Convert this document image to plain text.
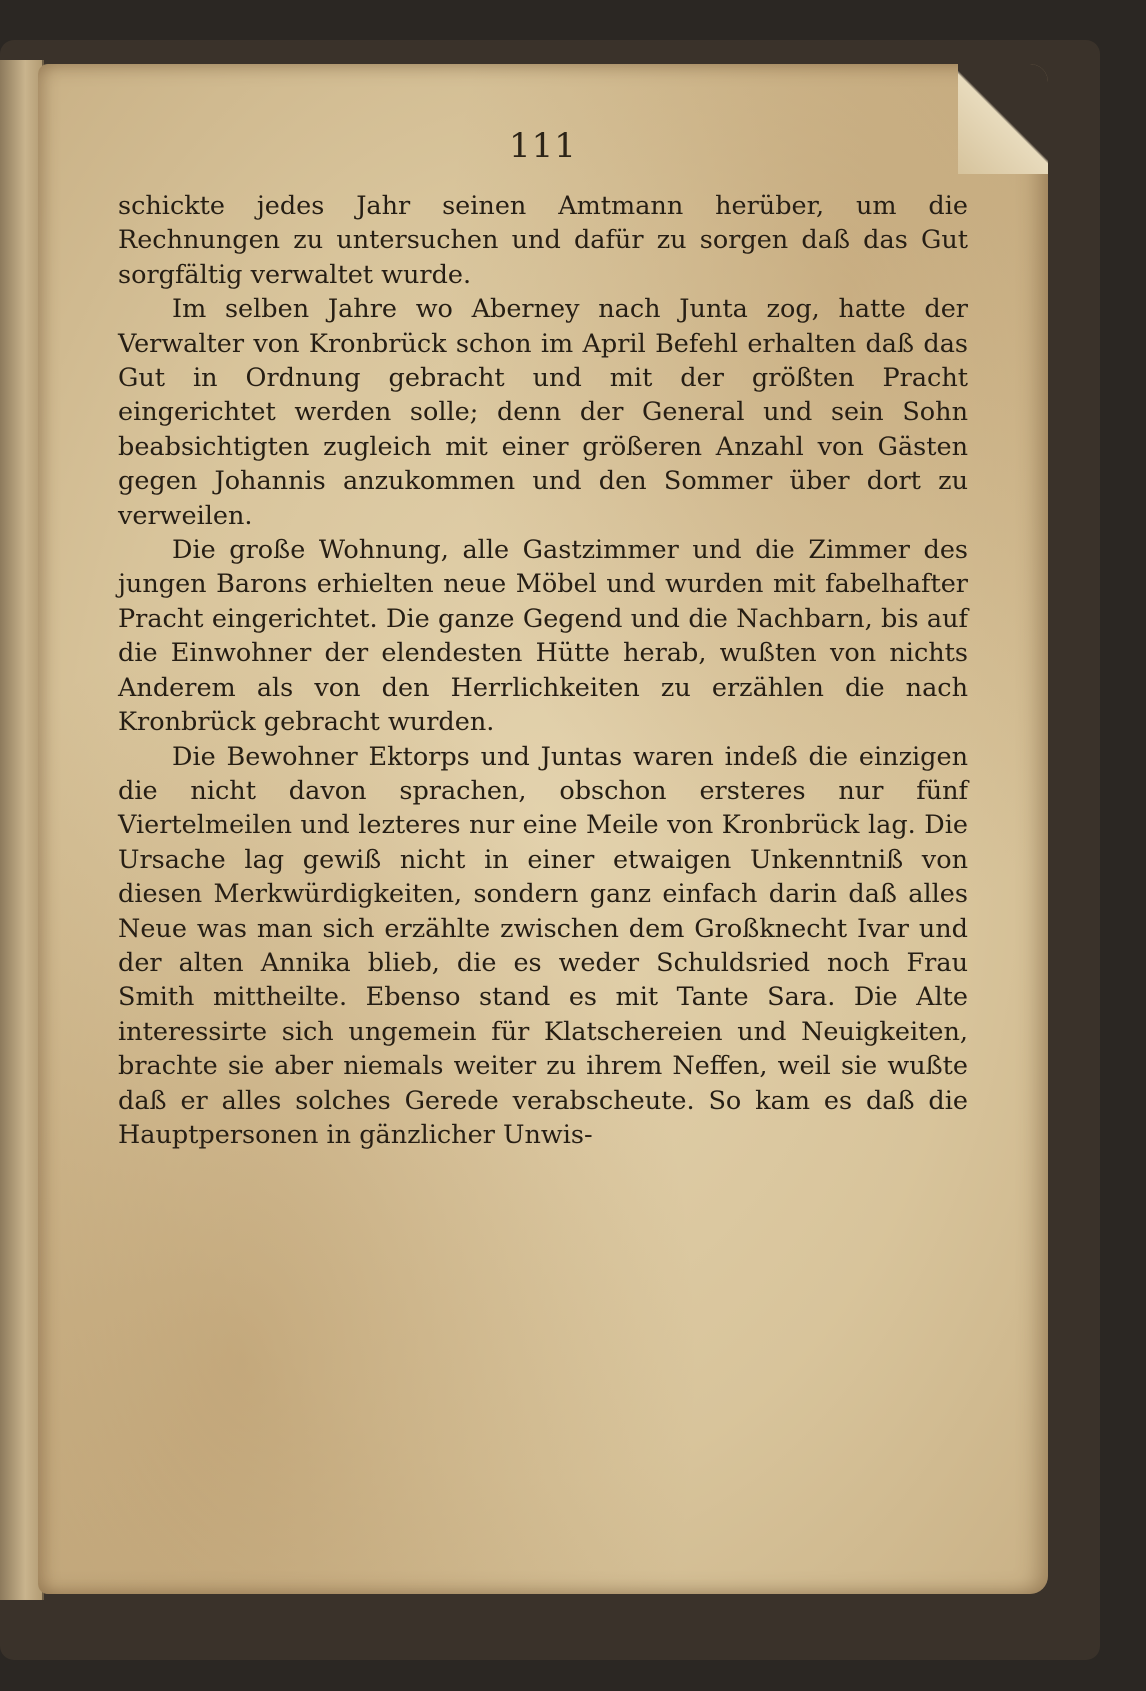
111

schickte jedes Jahr seinen Amtmann herüber, um die Rechnungen zu untersuchen und dafür zu sorgen daß das Gut sorgfältig verwaltet wurde.

Im selben Jahre wo Aberney nach Junta zog, hatte der Verwalter von Kronbrück schon im April Befehl erhalten daß das Gut in Ordnung gebracht und mit der größten Pracht eingerichtet werden solle; denn der General und sein Sohn beabsichtigten zugleich mit einer größeren Anzahl von Gästen gegen Johannis anzukommen und den Sommer über dort zu verweilen.

Die große Wohnung, alle Gastzimmer und die Zimmer des jungen Barons erhielten neue Möbel und wurden mit fabelhafter Pracht eingerichtet. Die ganze Gegend und die Nachbarn, bis auf die Einwohner der elendesten Hütte herab, wußten von nichts Anderem als von den Herrlichkeiten zu erzählen die nach Kronbrück gebracht wurden.

Die Bewohner Ektorps und Juntas waren indeß die einzigen die nicht davon sprachen, obschon ersteres nur fünf Viertelmeilen und lezteres nur eine Meile von Kronbrück lag. Die Ursache lag gewiß nicht in einer etwaigen Unkenntniß von diesen Merkwürdigkeiten, sondern ganz einfach darin daß alles Neue was man sich erzählte zwischen dem Großknecht Ivar und der alten Annika blieb, die es weder Schuldsried noch Frau Smith mittheilte. Ebenso stand es mit Tante Sara. Die Alte interessirte sich ungemein für Klatschereien und Neuigkeiten, brachte sie aber niemals weiter zu ihrem Neffen, weil sie wußte daß er alles solches Gerede verabscheute. So kam es daß die Hauptpersonen in gänzlicher Unwis-
